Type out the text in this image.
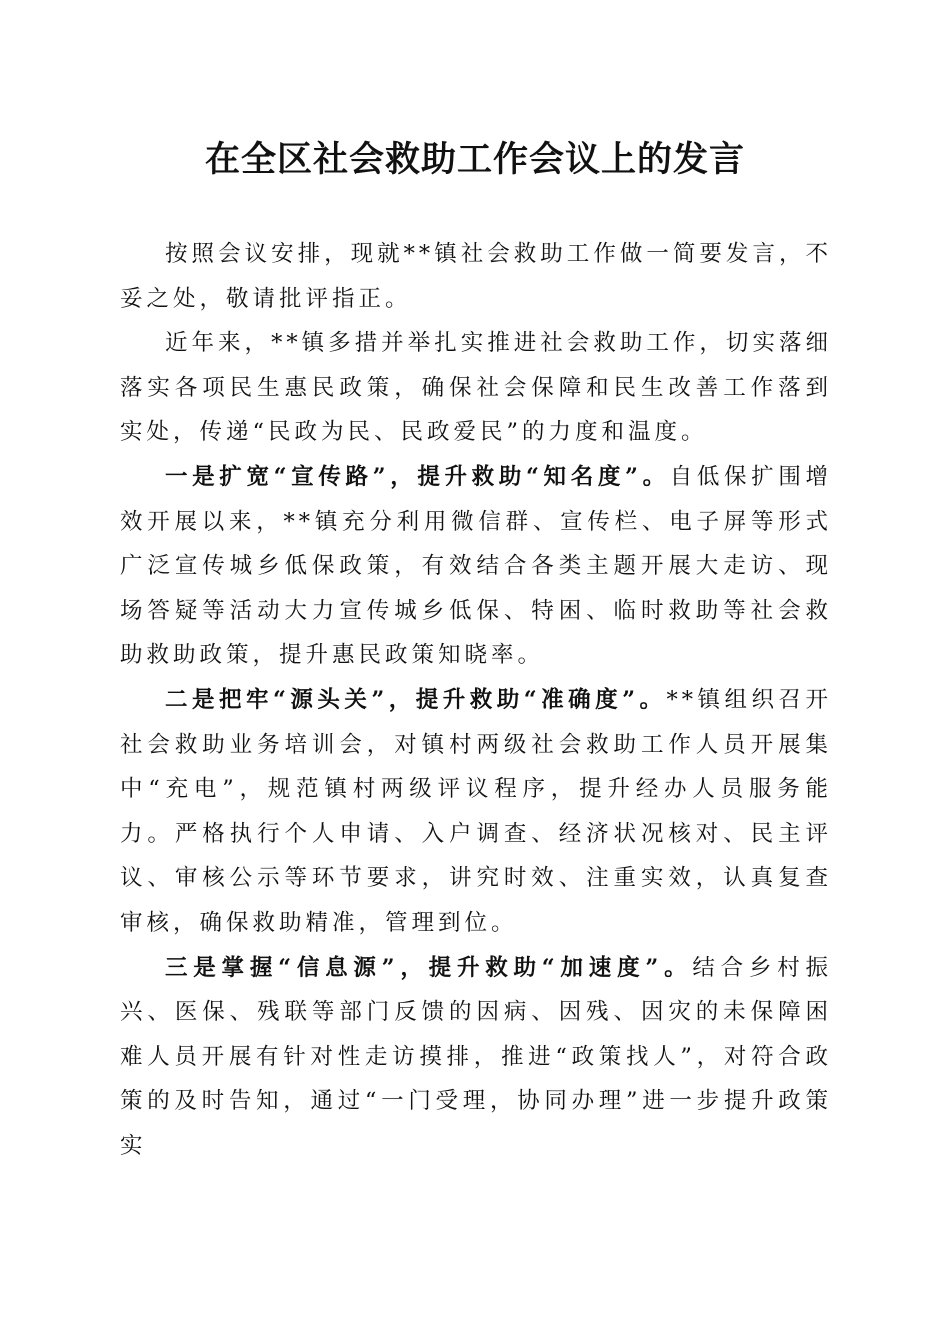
在全区社会救助工作会议上的发言

按照会议安排，现就**镇社会救助工作做一简要发言，不妥之处，敬请批评指正。

近年来，**镇多措并举扎实推进社会救助工作，切实落细落实各项民生惠民政策，确保社会保障和民生改善工作落到实处，传递“民政为民、民政爱民”的力度和温度。

一是扩宽“宣传路”，提升救助“知名度”。自低保扩围增效开展以来，**镇充分利用微信群、宣传栏、电子屏等形式广泛宣传城乡低保政策，有效结合各类主题开展大走访、现场答疑等活动大力宣传城乡低保、特困、临时救助等社会救助救助政策，提升惠民政策知晓率。

二是把牢“源头关”，提升救助“准确度”。**镇组织召开社会救助业务培训会，对镇村两级社会救助工作人员开展集中“充电”，规范镇村两级评议程序，提升经办人员服务能力。严格执行个人申请、入户调查、经济状况核对、民主评议、审核公示等环节要求，讲究时效、注重实效，认真复查审核，确保救助精准，管理到位。

三是掌握“信息源”，提升救助“加速度”。结合乡村振兴、医保、残联等部门反馈的因病、因残、因灾的未保障困难人员开展有针对性走访摸排，推进“政策找人”，对符合政策的及时告知，通过“一门受理，协同办理”进一步提升政策实
